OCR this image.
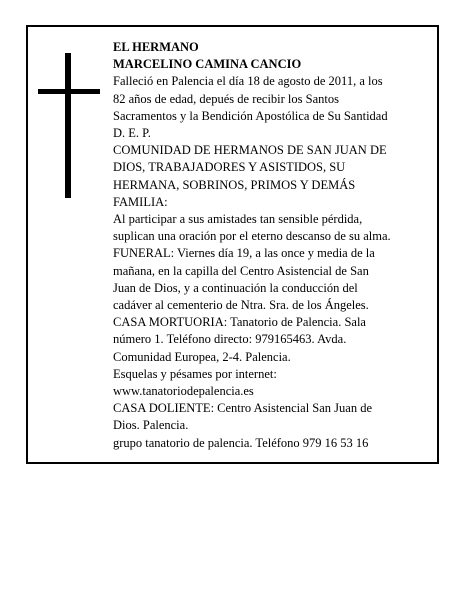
EL HERMANO
MARCELINO CAMINA CANCIO
Falleció en Palencia el día 18 de agosto de 2011, a los
82 años de edad, depués de recibir los Santos
Sacramentos y la Bendición Apostólica de Su Santidad
D. E. P.
COMUNIDAD DE HERMANOS DE SAN JUAN DE
DIOS, TRABAJADORES Y ASISTIDOS, SU
HERMANA, SOBRINOS, PRIMOS Y DEMÁS
FAMILIA:
Al participar a sus amistades tan sensible pérdida,
suplican una oración por el eterno descanso de su alma.
FUNERAL: Viernes día 19, a las once y media de la
mañana, en la capilla del Centro Asistencial de San
Juan de Dios, y a continuación la conducción del
cadáver al cementerio de Ntra. Sra. de los Ángeles.
CASA MORTUORIA: Tanatorio de Palencia. Sala
número 1. Teléfono directo: 979165463. Avda.
Comunidad Europea, 2-4. Palencia.
Esquelas y pésames por internet:
www.tanatoriodepalencia.es
CASA DOLIENTE: Centro Asistencial San Juan de
Dios. Palencia.
grupo tanatorio de palencia. Teléfono 979 16 53 16
